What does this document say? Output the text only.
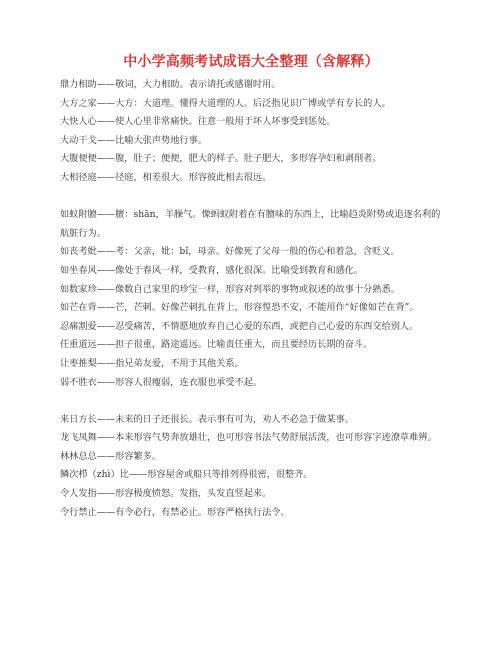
中小学高频考试成语大全整理（含解释）

鼎力相助——敬词，大力相助。表示请托或感谢时用。

大方之家——大方：大道理。懂得大道理的人。后泛指见识广博或学有专长的人。

大快人心——使人心里非常痛快。往意一般用于坏人坏事受到惩处。

大动干戈——比喻大张声势地行事。

大腹便便——腹，肚子；便便，肥大的样子。肚子肥大，多形容孕妇和剥削者。

大相径庭——径庭，相差很大。形容彼此相去很远。

如蚁附膻——膻：shān，羊臊气。像蚂蚁附着在有膻味的东西上，比喻趋炎附势或追逐名利的航脏行为。

如丧考妣——考：父亲，妣：bǐ，母亲。好像死了父母一般的伤心和着急，含贬义。

如坐春风——像处于春风一样，受教育，感化很深。比喻受到教育和感化。

如数家珍——像数自己家里的珍宝一样，形容对列举的事物或叙述的故事十分熟悉。

如芒在背——芒，芒刺。好像芒刺扎在背上，形容惶恐不安，不能用作“好像如芒在背”。

忍痛割爱——忍受痛苦，不情愿地放弃自己心爱的东西，或把自己心爱的东西交给别人。

任重道远——担子很重，路途遥远。比喻责任重大，而且要经历长期的奋斗。

让枣推梨——指兄弟友爱，不用于其他关系。

弱不胜衣——形容人很瘦弱，连衣服也承受不起。

来日方长——未来的日子还很长。表示事有可为，劝人不必急于做某事。

龙飞凤舞——本来形容气势奔放雄壮，也可形容书法气势舒展活泼，也可形容字迹潦草难辨。

林林总总——形容繁多。

鳞次栉（zhì）比——形容屋舍或船只等排列得很密，很整齐。

令人发指——形容极度愤怒。发指，头发直竖起来。

令行禁止——有令必行，有禁必止。形容严格执行法令。
